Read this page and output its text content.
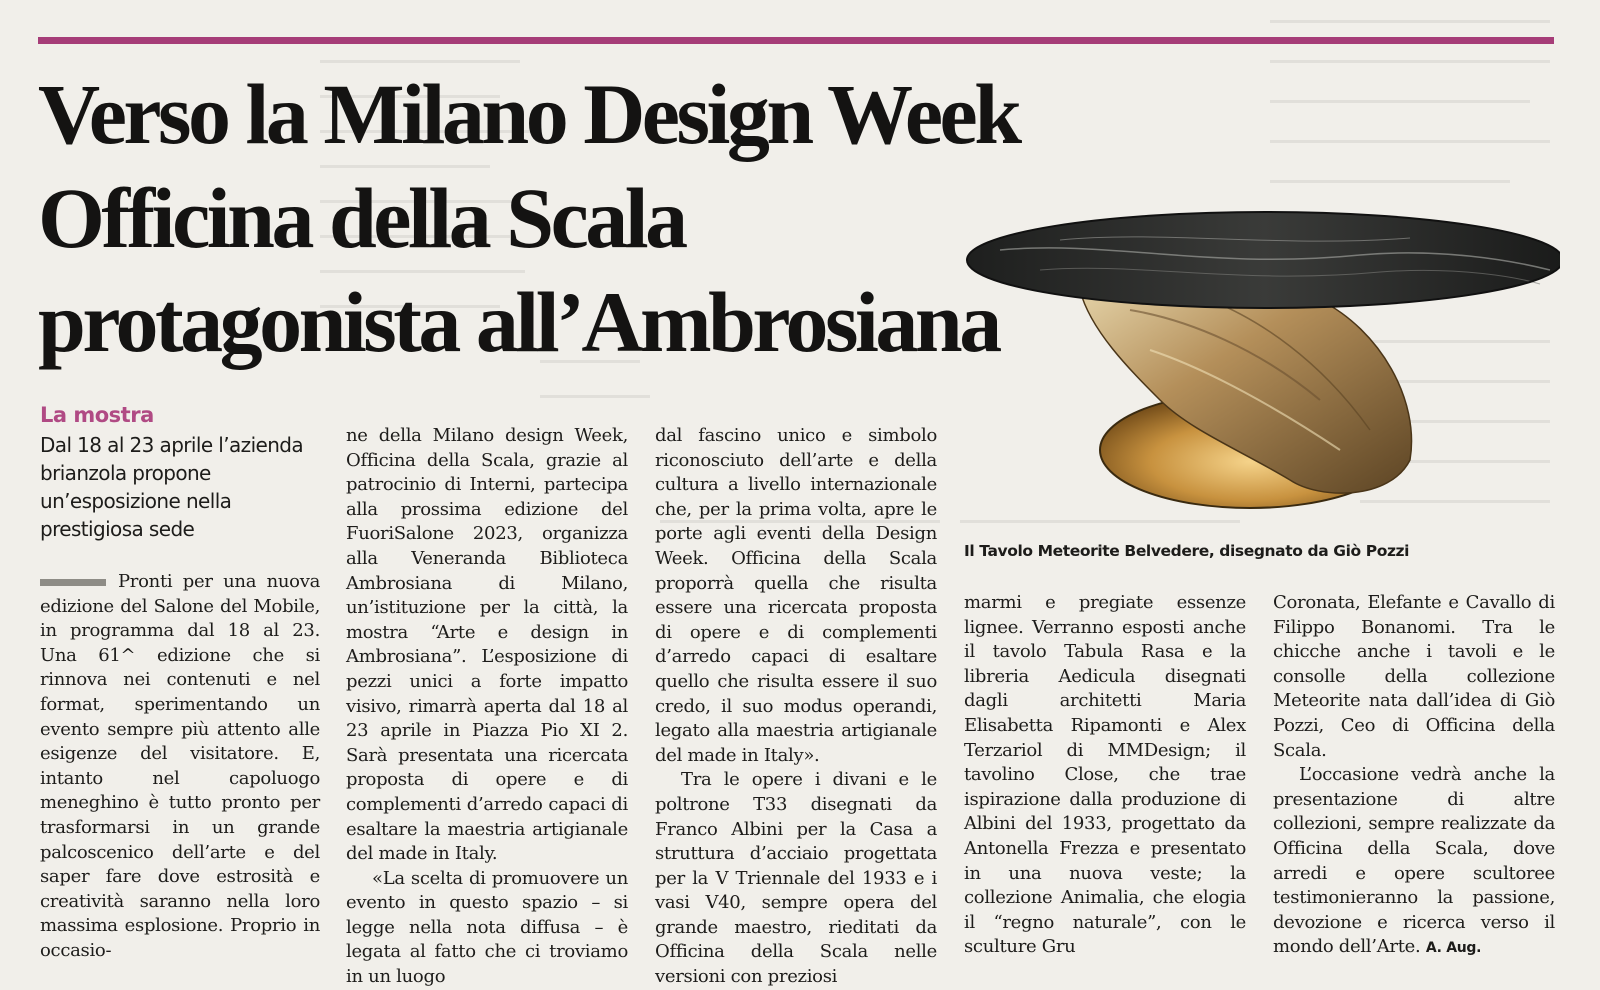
Verso la Milano Design Week
Officina della Scala
protagonista all’Ambrosiana

Il Tavolo Meteorite Belvedere, disegnato da Giò Pozzi

La mostra

Dal 18 al 23 aprile l’azienda brianzola propone un’esposizione nella prestigiosa sede

Pronti per una nuova edizione del Salone del Mobile, in programma dal 18 al 23. Una 61^ edizione che si rinnova nei contenuti e nel format, sperimentando un evento sempre più attento alle esigenze del visitatore. E, intanto nel capoluogo meneghino è tutto pronto per trasformarsi in un grande palcoscenico dell’arte e del saper fare dove estrosità e creatività saranno nella loro massima esplosione. Proprio in occasio-

ne della Milano design Week, Officina della Scala, grazie al patrocinio di Interni, partecipa alla prossima edizione del FuoriSalone 2023, organizza alla Veneranda Biblioteca Ambrosiana di Milano, un’istituzione per la città, la mostra “Arte e design in Ambrosiana”. L’esposizione di pezzi unici a forte impatto visivo, rimarrà aperta dal 18 al 23 aprile in Piazza Pio XI 2. Sarà presentata una ricercata proposta di opere e di complementi d’arredo capaci di esaltare la maestria artigianale del made in Italy.

«La scelta di promuovere un evento in questo spazio – si legge nella nota diffusa – è legata al fatto che ci troviamo in un luogo

dal fascino unico e simbolo riconosciuto dell’arte e della cultura a livello internazionale che, per la prima volta, apre le porte agli eventi della Design Week. Officina della Scala proporrà quella che risulta essere una ricercata proposta di opere e di complementi d’arredo capaci di esaltare quello che risulta essere il suo credo, il suo modus operandi, legato alla maestria artigianale del made in Italy».

Tra le opere i divani e le poltrone T33 disegnati da Franco Albini per la Casa a struttura d’acciaio progettata per la V Triennale del 1933 e i vasi V40, sempre opera del grande maestro, rieditati da Officina della Scala nelle versioni con preziosi

marmi e pregiate essenze lignee. Verranno esposti anche il tavolo Tabula Rasa e la libreria Aedicula disegnati dagli architetti Maria Elisabetta Ripamonti e Alex Terzariol di MMDesign; il tavolino Close, che trae ispirazione dalla produzione di Albini del 1933, progettato da Antonella Frezza e presentato in una nuova veste; la collezione Animalia, che elogia il “regno naturale”, con le sculture Gru

Coronata, Elefante e Cavallo di Filippo Bonanomi. Tra le chicche anche i tavoli e le consolle della collezione Meteorite nata dall’idea di Giò Pozzi, Ceo di Officina della Scala.

L’occasione vedrà anche la presentazione di altre collezioni, sempre realizzate da Officina della Scala, dove arredi e opere scultoree testimonieranno la passione, devozione e ricerca verso il mondo dell’Arte. A. Aug.
